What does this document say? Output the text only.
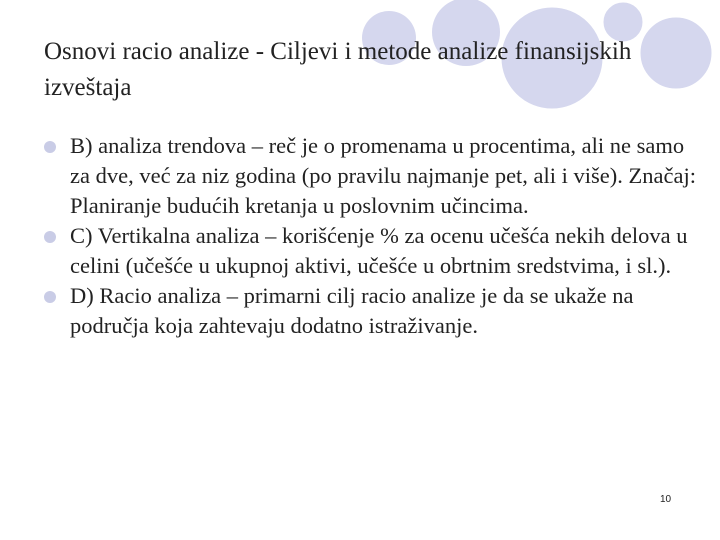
Osnovi racio analize - Ciljevi i metode analize finansijskih izveštaja
B) analiza trendova – reč je o promenama u procentima, ali ne samo za dve, već za niz godina (po pravilu najmanje pet, ali i više). Značaj: Planiranje budućih kretanja u poslovnim učincima.
C) Vertikalna analiza – korišćenje % za ocenu učešća nekih delova u celini (učešće u ukupnoj aktivi, učešće u obrtnim sredstvima, i sl.).
D) Racio analiza – primarni cilj racio analize je da se ukaže na područja koja zahtevaju dodatno istraživanje.
10
